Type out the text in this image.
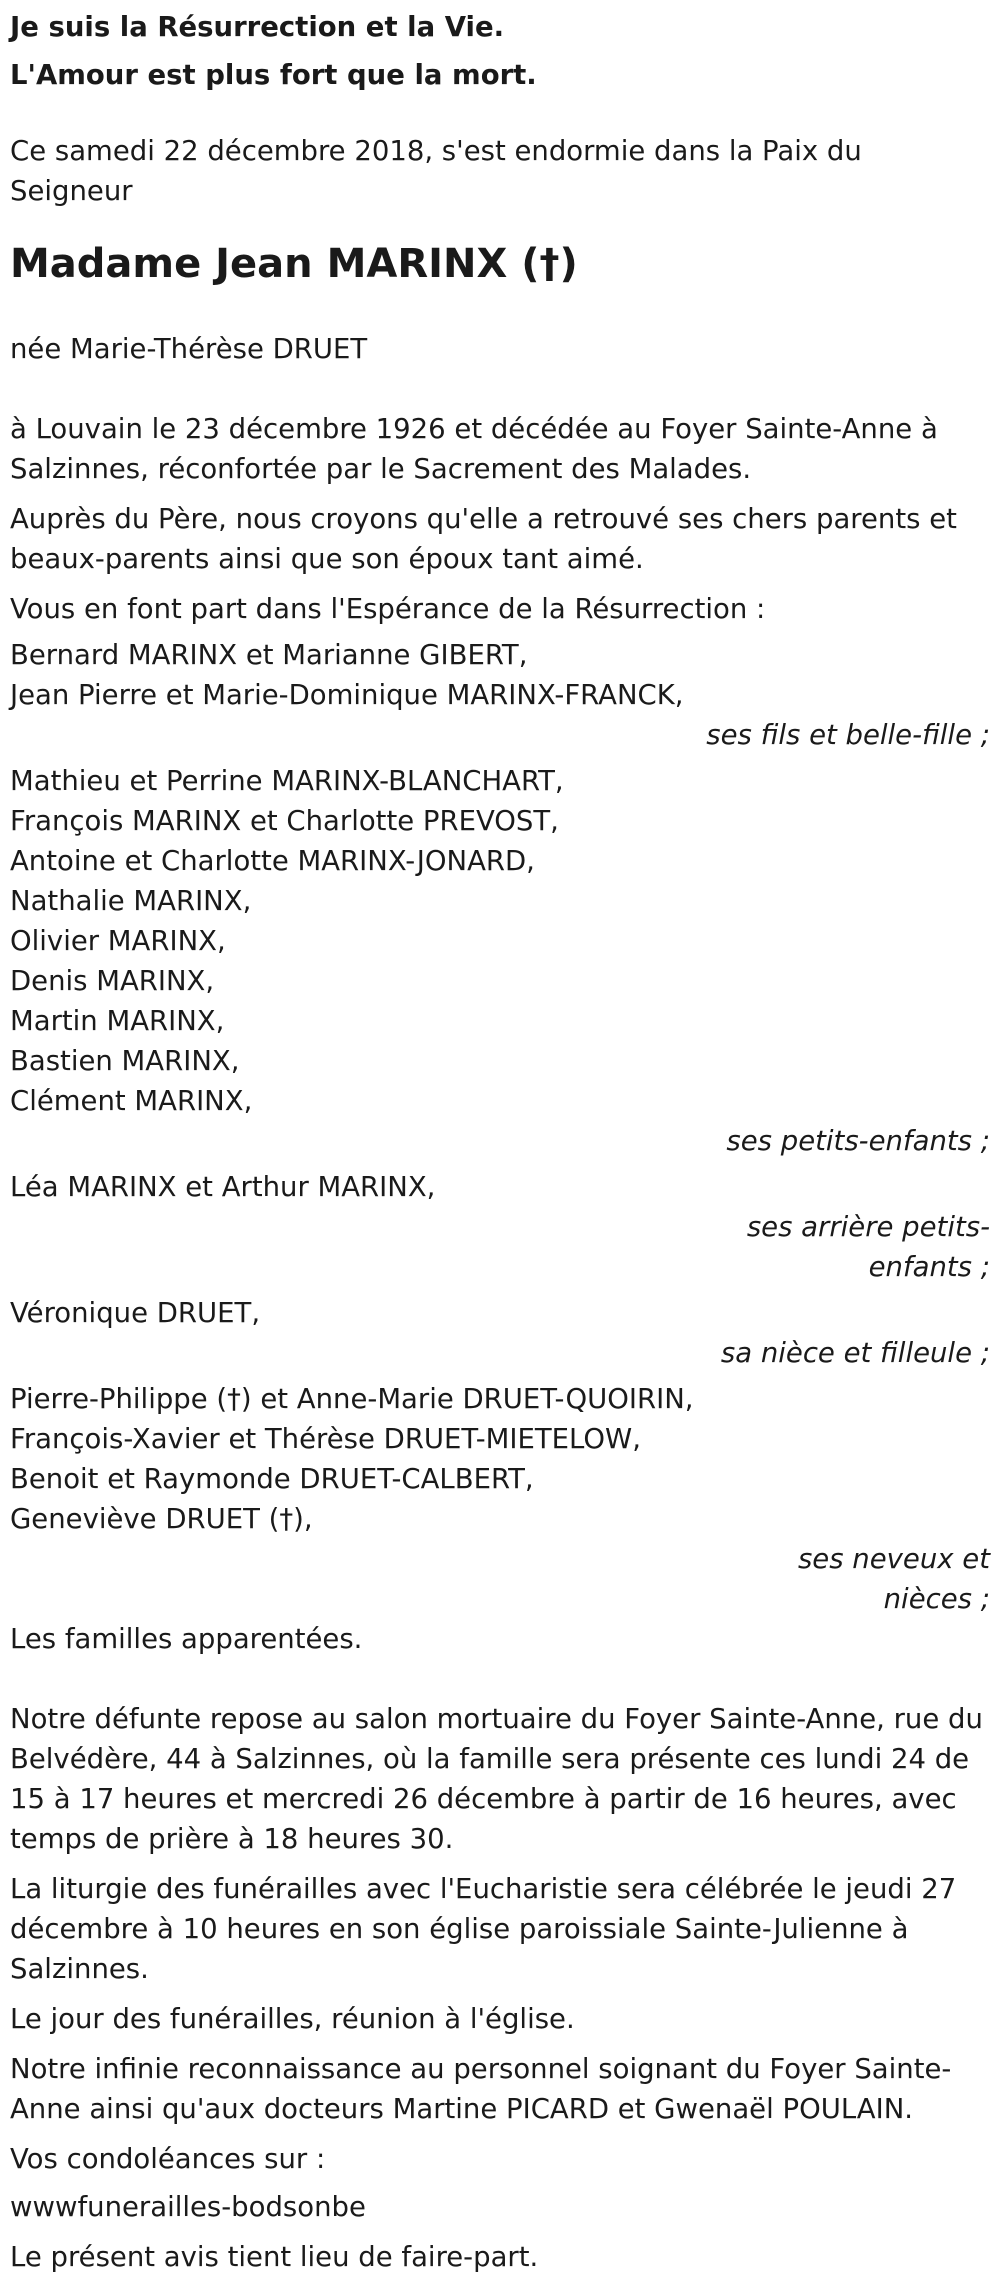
Je suis la Résurrection et la Vie.

L'Amour est plus fort que la mort.

Ce samedi 22 décembre 2018, s'est endormie dans la Paix du Seigneur

Madame Jean MARINX (†)

née Marie-Thérèse DRUET

à Louvain le 23 décembre 1926 et décédée au Foyer Sainte-Anne à Salzinnes, réconfortée par le Sacrement des Malades.

Auprès du Père, nous croyons qu'elle a retrouvé ses chers parents et beaux-parents ainsi que son époux tant aimé.

Vous en font part dans l'Espérance de la Résurrection :

Bernard MARINX et Marianne GIBERT,

Jean Pierre et Marie-Dominique MARINX-FRANCK,

ses fils et belle-fille ;

Mathieu et Perrine MARINX-BLANCHART,

François MARINX et Charlotte PREVOST,

Antoine et Charlotte MARINX-JONARD,

Nathalie MARINX,

Olivier MARINX,

Denis MARINX,

Martin MARINX,

Bastien MARINX,

Clément MARINX,

ses petits-enfants ;

Léa MARINX et Arthur MARINX,

ses arrière petits-enfants ;

Véronique DRUET,

sa nièce et filleule ;

Pierre-Philippe (†) et Anne-Marie DRUET-QUOIRIN,

François-Xavier et Thérèse DRUET-MIETELOW,

Benoit et Raymonde DRUET-CALBERT,

Geneviève DRUET (†),

ses neveux et nièces ;

Les familles apparentées.

Notre défunte repose au salon mortuaire du Foyer Sainte-Anne, rue du Belvédère, 44 à Salzinnes, où la famille sera présente ces lundi 24 de 15 à 17 heures et mercredi 26 décembre à partir de 16 heures, avec temps de prière à 18 heures 30.

La liturgie des funérailles avec l'Eucharistie sera célébrée le jeudi 27 décembre à 10 heures en son église paroissiale Sainte-Julienne à Salzinnes.

Le jour des funérailles, réunion à l'église.

Notre infinie reconnaissance au personnel soignant du Foyer Sainte-Anne ainsi qu'aux docteurs Martine PICARD et Gwenaël POULAIN.

Vos condoléances sur :

wwwfunerailles-bodsonbe

Le présent avis tient lieu de faire-part.
